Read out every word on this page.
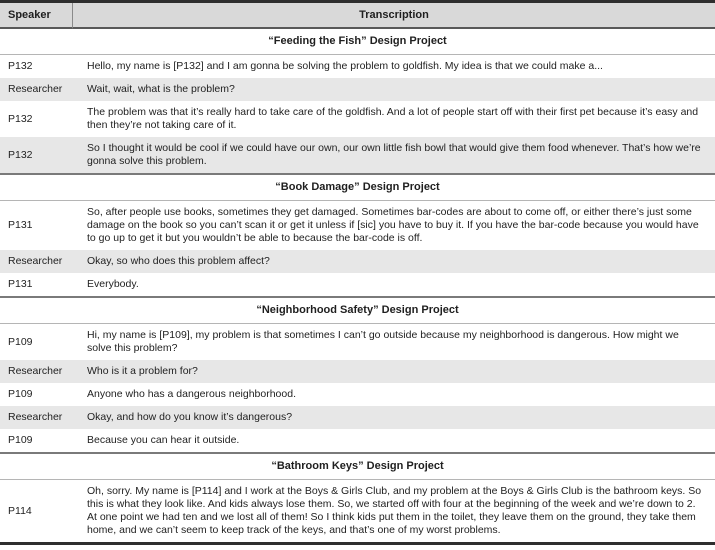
Speaker	Transcription
“Feeding the Fish” Design Project	
P132	Hello, my name is [P132] and I am gonna be solving the problem to goldfish. My idea is that we could make a...
Researcher	Wait, wait, what is the problem?
P132	The problem was that it’s really hard to take care of the goldfish. And a lot of people start off with their first pet because it’s easy and then they’re not taking care of it.
P132	So I thought it would be cool if we could have our own, our own little fish bowl that would give them food whenever. That’s how we’re gonna solve this problem.
“Book Damage” Design Project	
P131	So, after people use books, sometimes they get damaged. Sometimes bar-codes are about to come off, or either there’s just some damage on the book so you can’t scan it or get it unless if [sic] you have to buy it. If you have the bar-code because you would have to go up to get it but you wouldn’t be able to because the bar-code is off.
Researcher	Okay, so who does this problem affect?
P131	Everybody.
“Neighborhood Safety” Design Project	
P109	Hi, my name is [P109], my problem is that sometimes I can’t go outside because my neighborhood is dangerous. How might we solve this problem?
Researcher	Who is it a problem for?
P109	Anyone who has a dangerous neighborhood.
Researcher	Okay, and how do you know it’s dangerous?
P109	Because you can hear it outside.
“Bathroom Keys” Design Project	
P114	Oh, sorry. My name is [P114] and I work at the Boys & Girls Club, and my problem at the Boys & Girls Club is the bathroom keys. So this is what they look like. And kids always lose them. So, we started off with four at the beginning of the week and we’re down to 2. At one point we had ten and we lost all of them! So I think kids put them in the toilet, they leave them on the ground, they take them home, and we can’t seem to keep track of the keys, and that’s one of my worst problems.
